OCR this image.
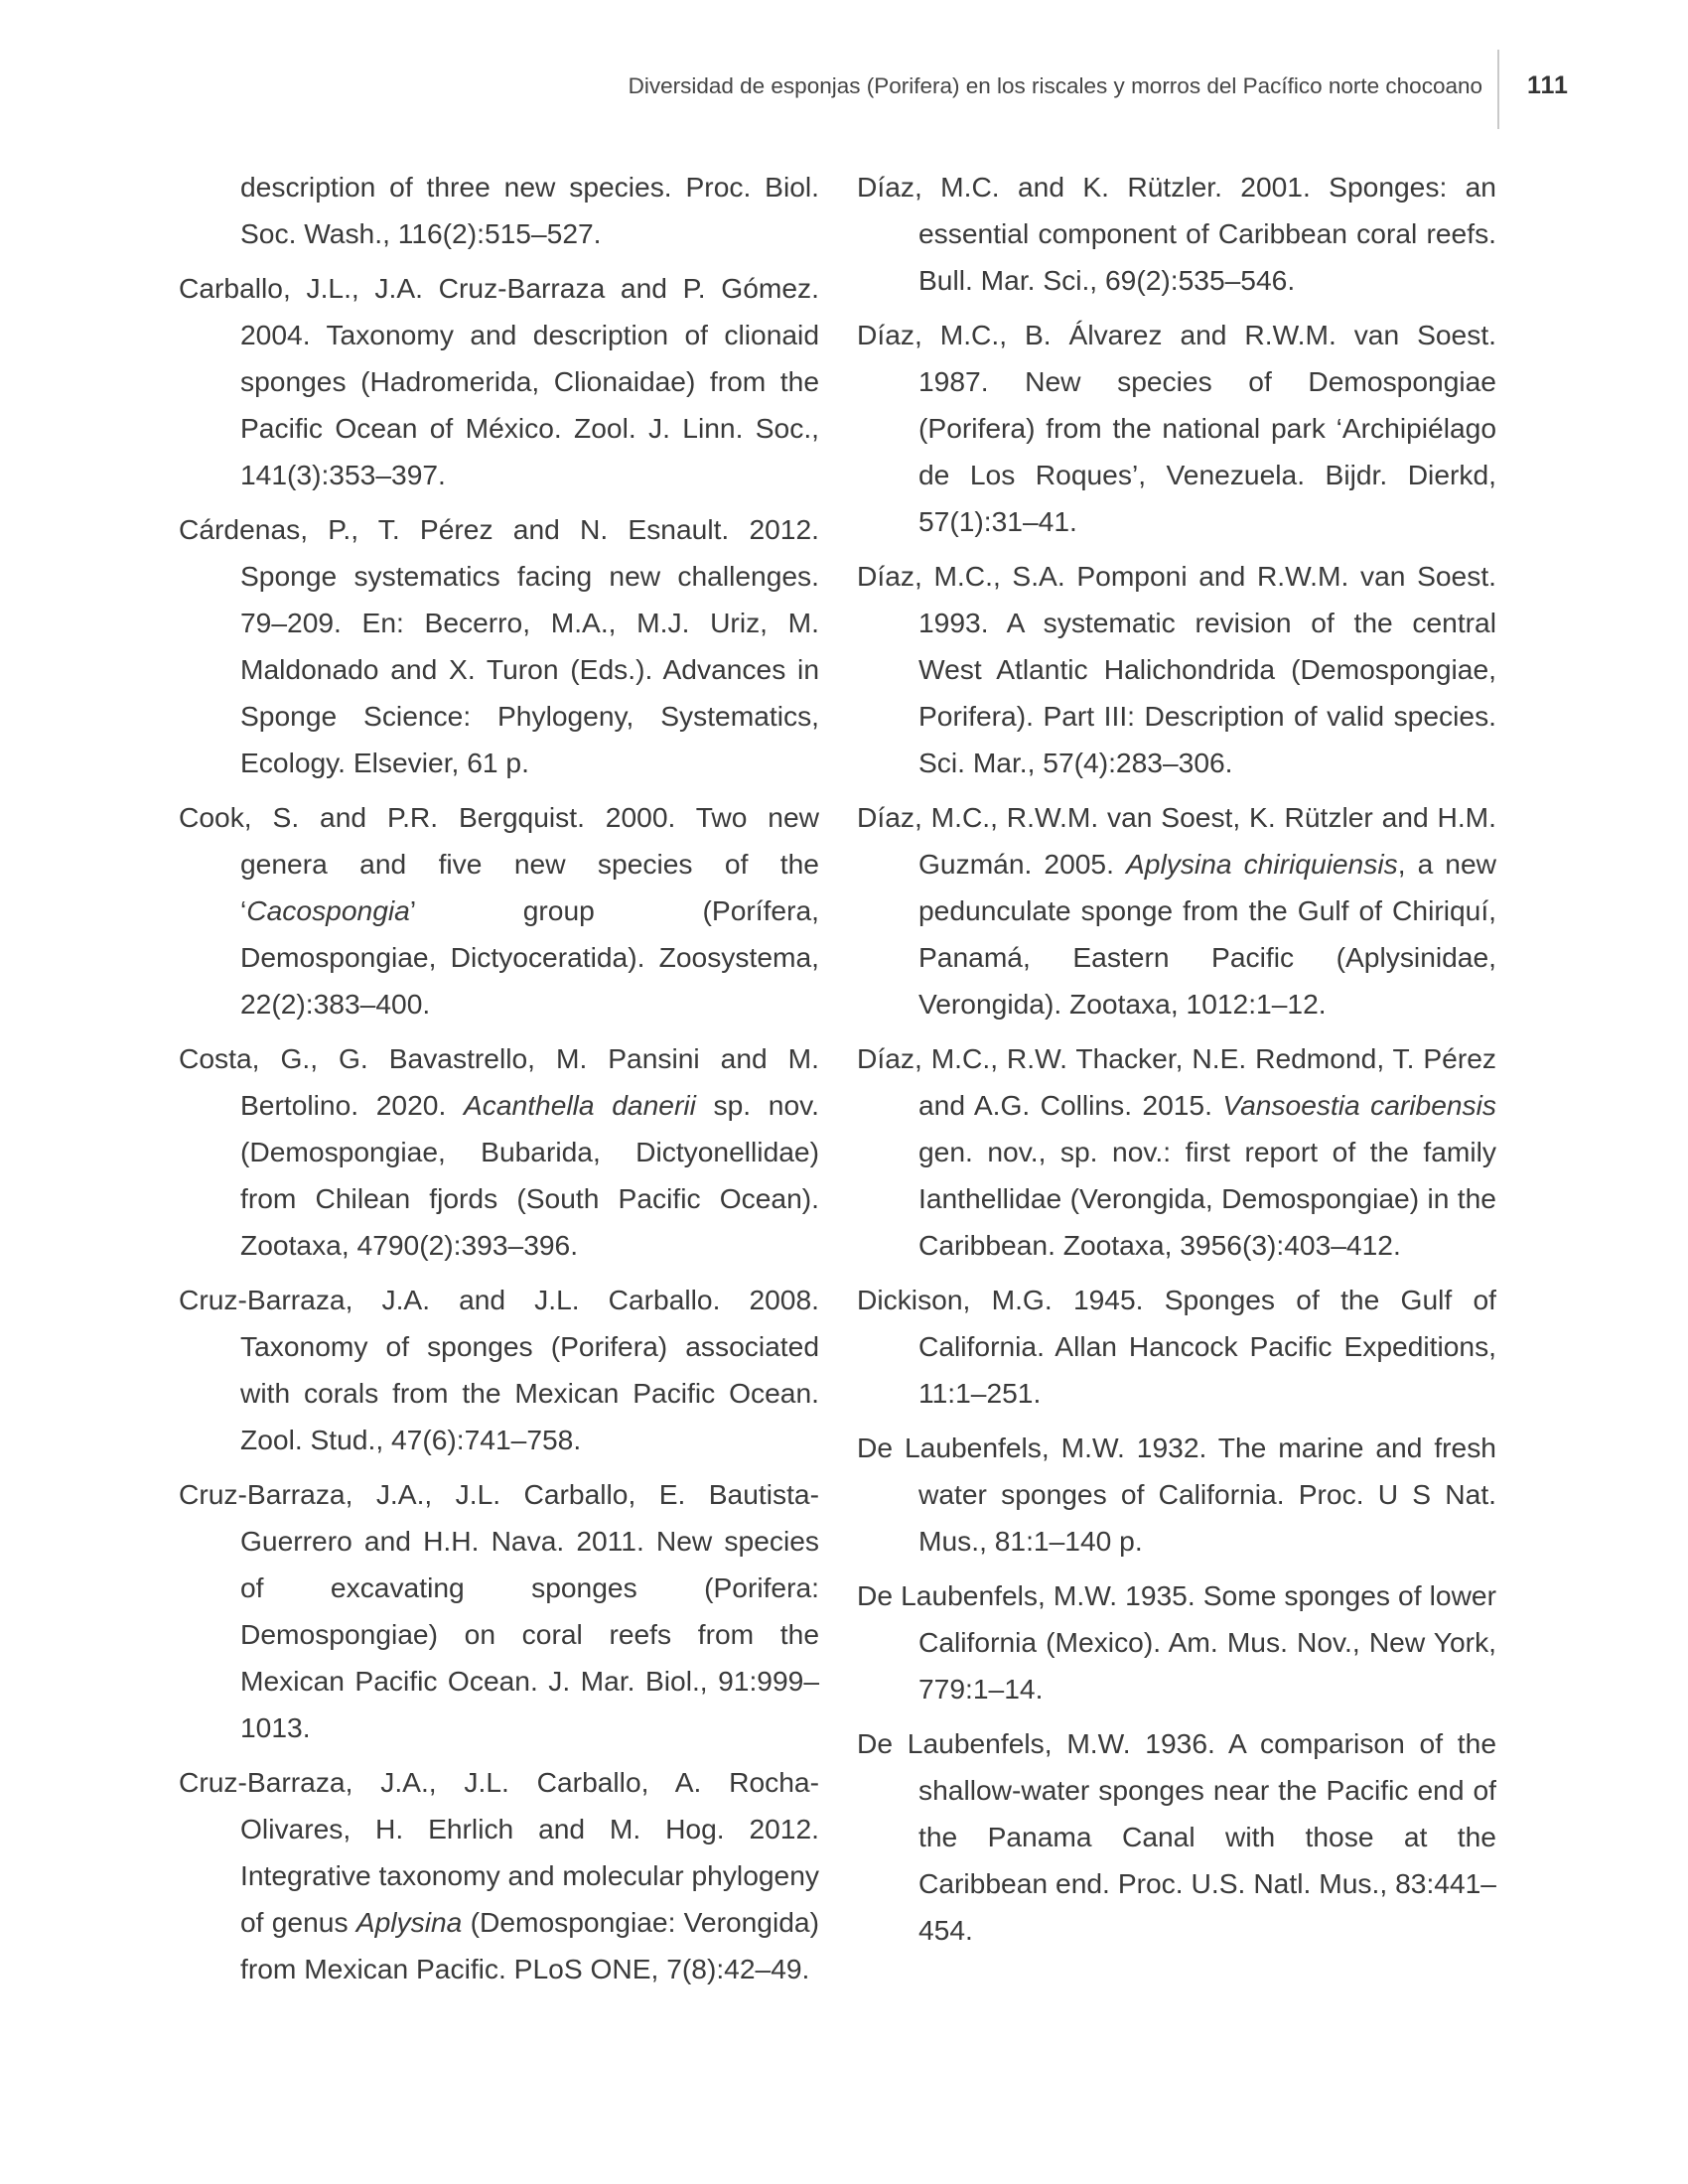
Diversidad de esponjas (Porifera) en los riscales y morros del Pacífico norte chocoano 111

description of three new species. Proc. Biol. Soc. Wash., 116(2):515–527.

Carballo, J.L., J.A. Cruz-Barraza and P. Gómez. 2004. Taxonomy and description of clionaid sponges (Hadromerida, Clionaidae) from the Pacific Ocean of México. Zool. J. Linn. Soc., 141(3):353–397.

Cárdenas, P., T. Pérez and N. Esnault. 2012. Sponge systematics facing new challenges. 79–209. En: Becerro, M.A., M.J. Uriz, M. Maldonado and X. Turon (Eds.). Advances in Sponge Science: Phylogeny, Systematics, Ecology. Elsevier, 61 p.

Cook, S. and P.R. Bergquist. 2000. Two new genera and five new species of the ‘Cacospongia’ group (Porífera, Demospongiae, Dictyoceratida). Zoosystema, 22(2):383–400.

Costa, G., G. Bavastrello, M. Pansini and M. Bertolino. 2020. Acanthella danerii sp. nov. (Demospongiae, Bubarida, Dictyonellidae) from Chilean fjords (South Pacific Ocean). Zootaxa, 4790(2):393–396.

Cruz-Barraza, J.A. and J.L. Carballo. 2008. Taxonomy of sponges (Porifera) associated with corals from the Mexican Pacific Ocean. Zool. Stud., 47(6):741–758.

Cruz-Barraza, J.A., J.L. Carballo, E. Bautista-Guerrero and H.H. Nava. 2011. New species of excavating sponges (Porifera: Demospongiae) on coral reefs from the Mexican Pacific Ocean. J. Mar. Biol., 91:999–1013.

Cruz-Barraza, J.A., J.L. Carballo, A. Rocha-Olivares, H. Ehrlich and M. Hog. 2012. Integrative taxonomy and molecular phylogeny of genus Aplysina (Demospongiae: Verongida) from Mexican Pacific. PLoS ONE, 7(8):42–49.

Díaz, M.C. and K. Rützler. 2001. Sponges: an essential component of Caribbean coral reefs. Bull. Mar. Sci., 69(2):535–546.

Díaz, M.C., B. Álvarez and R.W.M. van Soest. 1987. New species of Demospongiae (Porifera) from the national park ‘Archipiélago de Los Roques’, Venezuela. Bijdr. Dierkd, 57(1):31–41.

Díaz, M.C., S.A. Pomponi and R.W.M. van Soest. 1993. A systematic revision of the central West Atlantic Halichondrida (Demospongiae, Porifera). Part III: Description of valid species. Sci. Mar., 57(4):283–306.

Díaz, M.C., R.W.M. van Soest, K. Rützler and H.M. Guzmán. 2005. Aplysina chiriquiensis, a new pedunculate sponge from the Gulf of Chiriquí, Panamá, Eastern Pacific (Aplysinidae, Verongida). Zootaxa, 1012:1–12.

Díaz, M.C., R.W. Thacker, N.E. Redmond, T. Pérez and A.G. Collins. 2015. Vansoestia caribensis gen. nov., sp. nov.: first report of the family Ianthellidae (Verongida, Demospongiae) in the Caribbean. Zootaxa, 3956(3):403–412.

Dickison, M.G. 1945. Sponges of the Gulf of California. Allan Hancock Pacific Expeditions, 11:1–251.

De Laubenfels, M.W. 1932. The marine and fresh water sponges of California. Proc. U S Nat. Mus., 81:1–140 p.

De Laubenfels, M.W. 1935. Some sponges of lower California (Mexico). Am. Mus. Nov., New York, 779:1–14.

De Laubenfels, M.W. 1936. A comparison of the shallow-water sponges near the Pacific end of the Panama Canal with those at the Caribbean end. Proc. U.S. Natl. Mus., 83:441–454.
